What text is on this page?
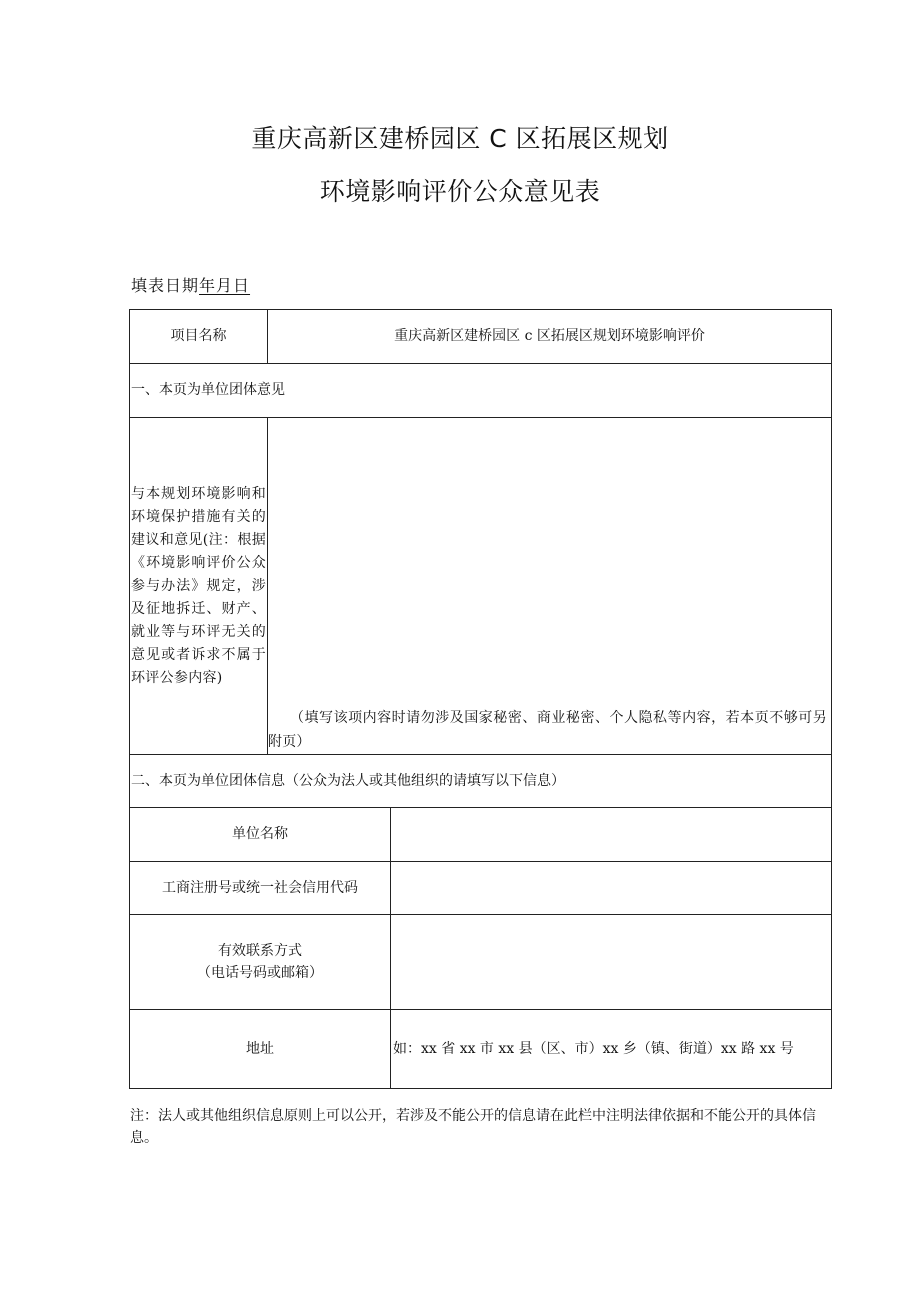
重庆高新区建桥园区 C 区拓展区规划
环境影响评价公众意见表
填表日期年月日
项目名称	重庆高新区建桥园区 c 区拓展区规划环境影响评价
一、本页为单位团体意见
与本规划环境影响和环境保护措施有关的建议和意见(注：根据《环境影响评价公众参与办法》规定，涉及征地拆迁、财产、就业等与环评无关的意见或者诉求不属于环评公参内容)
（填写该项内容时请勿涉及国家秘密、商业秘密、个人隐私等内容，若本页不够可另附页）
二、本页为单位团体信息（公众为法人或其他组织的请填写以下信息）
单位名称
工商注册号或统一社会信用代码
有效联系方式
（电话号码或邮箱）
地址	如：xx 省 xx 市 xx 县（区、市）xx 乡（镇、街道）xx 路 xx 号
注：法人或其他组织信息原则上可以公开，若涉及不能公开的信息请在此栏中注明法律依据和不能公开的具体信息。
